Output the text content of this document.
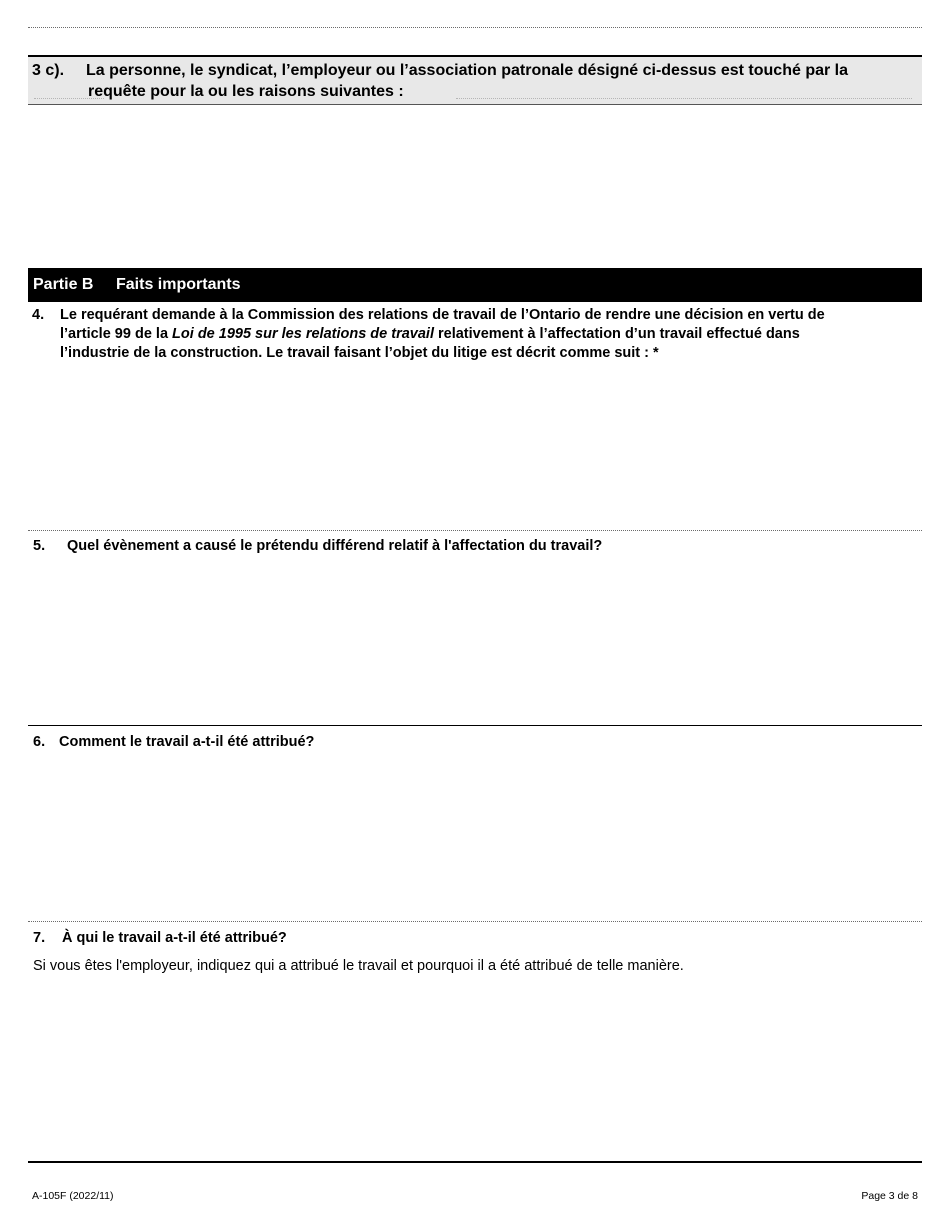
3 c). La personne, le syndicat, l’employeur ou l’association patronale désigné ci-dessus est touché par la
requête pour la ou les raisons suivantes :
Partie B Faits importants
4. Le requérant demande à la Commission des relations de travail de l’Ontario de rendre une décision en vertu de
l’article 99 de la Loi de 1995 sur les relations de travail relativement à l’affectation d’un travail effectué dans
l’industrie de la construction. Le travail faisant l’objet du litige est décrit comme suit : *
5. Quel évènement a causé le prétendu différend relatif à l'affectation du travail?
6. Comment le travail a-t-il été attribué?
7. À qui le travail a-t-il été attribué?
Si vous êtes l'employeur, indiquez qui a attribué le travail et pourquoi il a été attribué de telle manière.
A-105F (2022/11)	Page 3 de 8
